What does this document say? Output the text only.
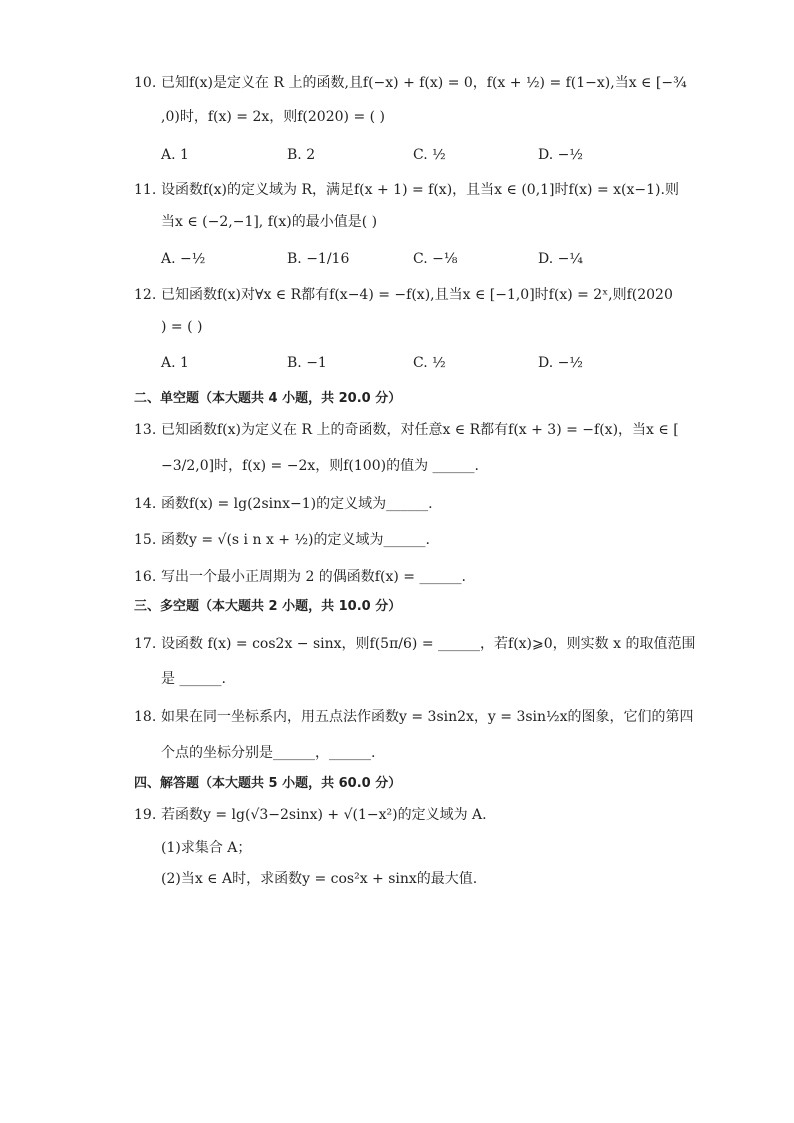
10. 已知f(x)是定义在 R 上的函数,且f(−x) + f(x) = 0，f(x + ½) = f(1−x),当x ∈ [−¾
,0)时，f(x) = 2x，则f(2020) = ( )
A. 1	B. 2	C. ½	D. −½
11. 设函数f(x)的定义域为 R，满足f(x + 1) = f(x)，且当x ∈ (0,1]时f(x) = x(x−1).则
当x ∈ (−2,−1], f(x)的最小值是( )
A. −½	B. −1/16	C. −⅛	D. −¼
12. 已知函数f(x)对∀x ∈ R都有f(x−4) = −f(x),且当x ∈ [−1,0]时f(x) = 2ˣ,则f(2020
) = ( )
A. 1	B. −1	C. ½	D. −½
二、单空题（本大题共 4 小题，共 20.0 分）
13. 已知函数f(x)为定义在 R 上的奇函数，对任意x ∈ R都有f(x + 3) = −f(x)，当x ∈ [
−3/2,0]时，f(x) = −2x，则f(100)的值为 ______.
14. 函数f(x) = lg(2sinx−1)的定义域为______.
15. 函数y = √(s i n x + ½)的定义域为______.
16. 写出一个最小正周期为 2 的偶函数f(x) = ______.
三、多空题（本大题共 2 小题，共 10.0 分）
17. 设函数 f(x) = cos2x − sinx，则f(5π/6) = ______，若f(x)⩾0，则实数 x 的取值范围
是 ______.
18. 如果在同一坐标系内，用五点法作函数y = 3sin2x，y = 3sin½x的图象，它们的第四
个点的坐标分别是______，______.
四、解答题（本大题共 5 小题，共 60.0 分）
19. 若函数y = lg(√3−2sinx) + √(1−x²)的定义域为 A.
(1)求集合 A；
(2)当x ∈ A时，求函数y = cos²x + sinx的最大值.
